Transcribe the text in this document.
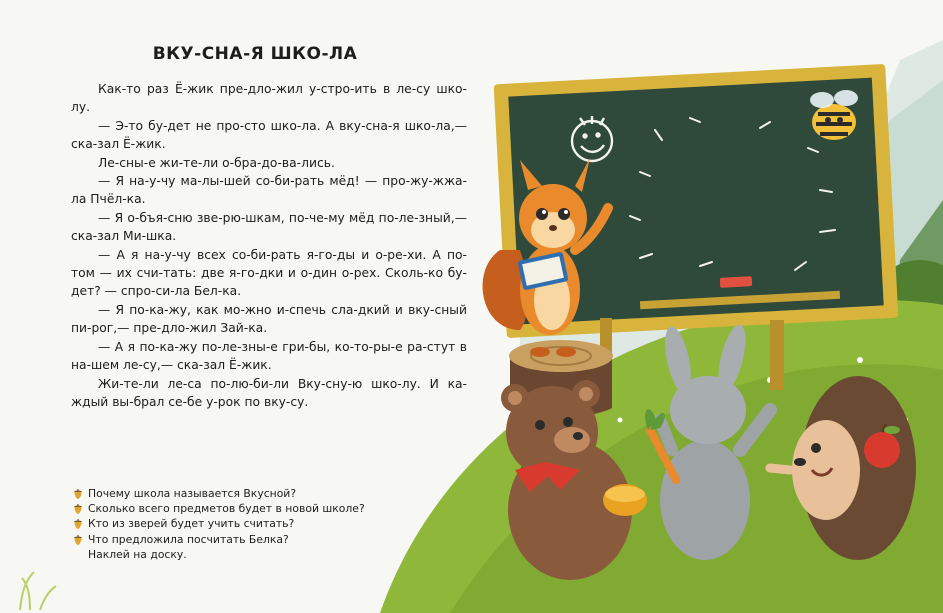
ВКУ-СНА-Я ШКО-ЛА

Как-то раз Ё-жик пре-дло-жил у-стро-ить в ле-су шко-лу.

— Э-то бу-дет не про-сто шко-ла. А вку-сна-я шко-ла,— ска-зал Ё-жик.

Ле-сны-е жи-те-ли о-бра-до-ва-лись.

— Я на-у-чу ма-лы-шей со-би-рать мёд! — про-жу-жжа-ла Пчёл-ка.

— Я о-бъя-сню зве-рю-шкам, по-че-му мёд по-ле-зный,— ска-зал Ми-шка.

— А я на-у-чу всех со-би-рать я-го-ды и о-ре-хи. А по-том — их счи-тать: две я-го-дки и о-дин о-рех. Сколь-ко бу-дет? — спро-си-ла Бел-ка.

— Я по-ка-жу, как мо-жно и-спечь сла-дкий и вку-сный пи-рог,— пре-дло-жил Зай-ка.

— А я по-ка-жу по-ле-зны-е гри-бы, ко-то-ры-е ра-стут в на-шем ле-су,— ска-зал Ё-жик.

Жи-те-ли ле-са по-лю-би-ли Вку-сну-ю шко-лу. И ка-ждый вы-брал се-бе у-рок по вку-су.

Почему школа называется Вкусной?
Сколько всего предметов будет в новой школе?
Кто из зверей будет учить считать?
Что предложила посчитать Белка?
Наклей на доску.
